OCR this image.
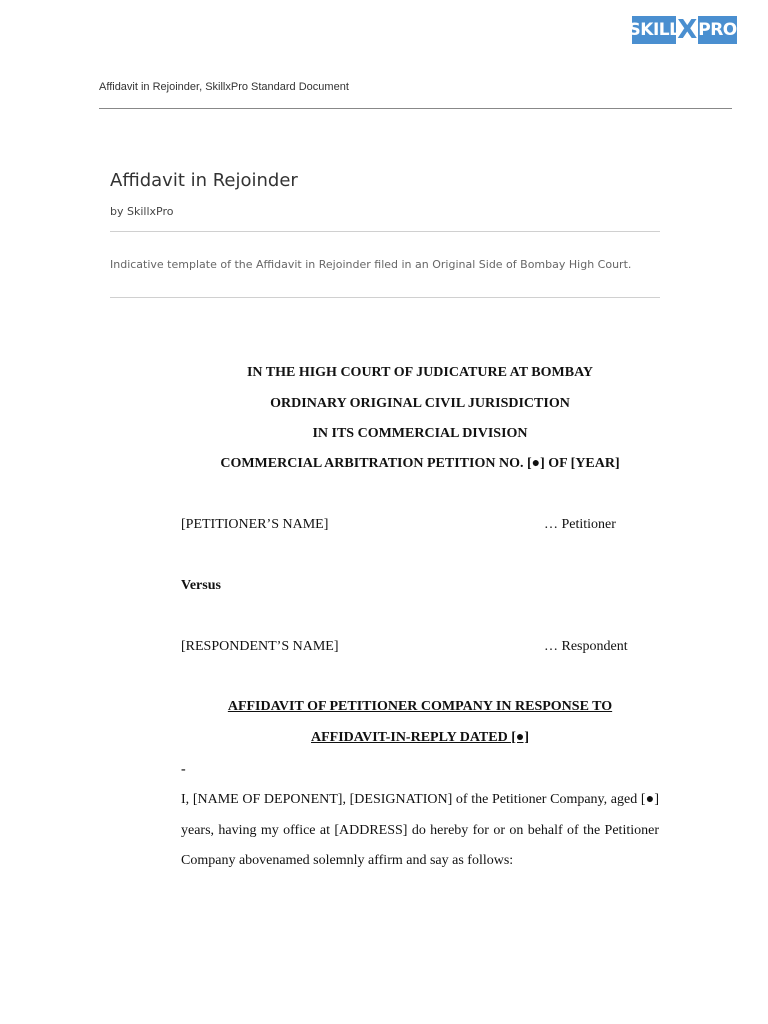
SKILL
X PRO
Affidavit in Rejoinder, SkillxPro Standard Document
Affidavit in Rejoinder
by SkillxPro
Indicative template of the Affidavit in Rejoinder filed in an Original Side of Bombay High Court.
IN THE HIGH COURT OF JUDICATURE AT BOMBAY
ORDINARY ORIGINAL CIVIL JURISDICTION
IN ITS COMMERCIAL DIVISION
COMMERCIAL ARBITRATION PETITION NO. [●] OF [YEAR]
[PETITIONER’S NAME]	… Petitioner
Versus
[RESPONDENT’S NAME]	… Respondent
AFFIDAVIT OF PETITIONER COMPANY IN RESPONSE TO
AFFIDAVIT-IN-REPLY DATED [●]
-
I, [NAME OF DEPONENT], [DESIGNATION] of the Petitioner Company, aged [●] years, having my office at [ADDRESS] do hereby for or on behalf of the Petitioner Company abovenamed solemnly affirm and say as follows:
